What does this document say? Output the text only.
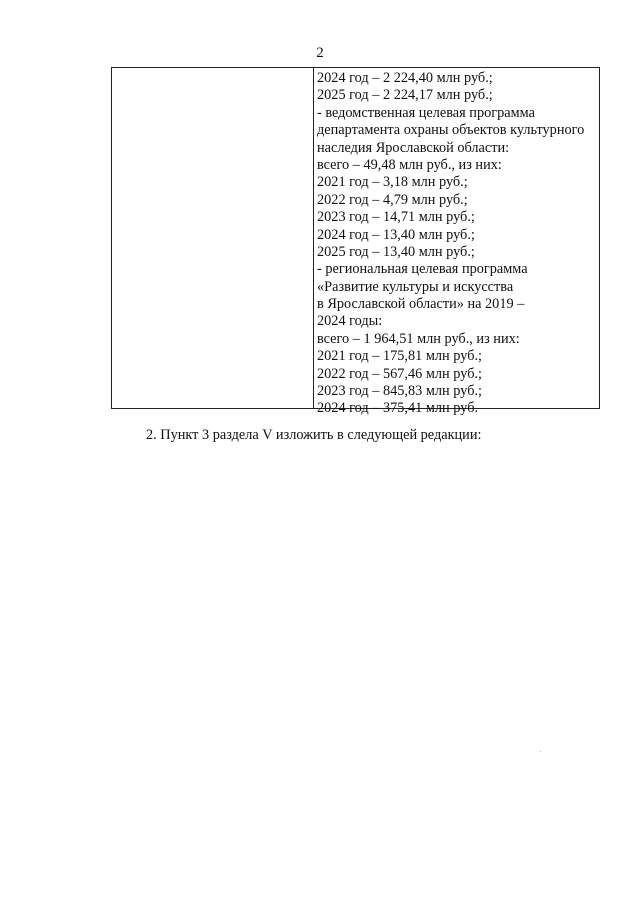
2
2024 год – 2 224,40 млн руб.;
2025 год – 2 224,17 млн руб.;
- ведомственная целевая программа
департамента охраны объектов культурного
наследия Ярославской области:
всего – 49,48 млн руб., из них:
2021 год – 3,18 млн руб.;
2022 год – 4,79 млн руб.;
2023 год – 14,71 млн руб.;
2024 год – 13,40 млн руб.;
2025 год – 13,40 млн руб.;
- региональная целевая программа
«Развитие культуры и искусства
в Ярославской области» на 2019 –
2024 годы:
всего – 1 964,51 млн руб., из них:
2021 год – 175,81 млн руб.;
2022 год – 567,46 млн руб.;
2023 год – 845,83 млн руб.;
2024 год – 375,41 млн руб.
2. Пункт 3 раздела V изложить в следующей редакции:
